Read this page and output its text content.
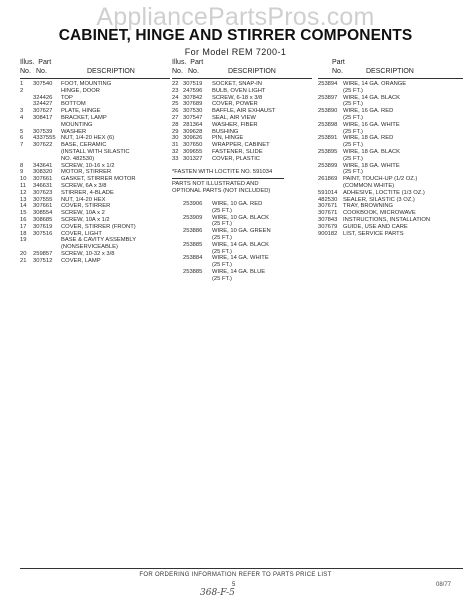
AppliancePartsPros.com
CABINET, HINGE AND STIRRER COMPONENTS
For Model REM 7200-1
Illus. Part
No. No.	DESCRIPTION
1	307540	FOOT, MOUNTING
2	HINGE, DOOR
324426	TOP
324427	BOTTOM
3	307627	PLATE, HINGE
4	308417	BRACKET, LAMP
MOUNTING
5	307539	WASHER
6	4337555 NUT, 1/4-20 HEX (6)
7	307622	BASE, CERAMIC
(INSTALL WITH SILASTIC
NO. 482530)
8	343641	SCREW, 10-16 x 1/2
9	308320	MOTOR, STIRRER
10	307661	GASKET, STIRRER MOTOR
11	346631	SCREW, 6A x 3/8
12	307623	STIRRER, 4-BLADE
13	307555	NUT, 1/4-20 HEX
14	307661	COVER, STIRRER
15	308554	SCREW, 10A x 2
16	308685	SCREW, 10A x 1/2
17	307619	COVER, STIRRER (FRONT)
18	307516	COVER, LIGHT
19	BASE & CAVITY ASSEMBLY
(NONSERVICEABLE)
20	259857	SCREW, 10-32 x 3/8
21	307512	COVER, LAMP
Illus. Part
No. No.	DESCRIPTION
22 307519	SOCKET, SNAP-IN
23 247596	BULB, OVEN LIGHT
24 307842	SCREW, 6-18 x 3/8
25 307689	COVER, POWER
26 307530	BAFFLE, AIR EXHAUST
27 307547	SEAL, AIR VIEW
28 281364	WASHER, FIBER
29 309628	BUSHING
30 309626	PIN, HINGE
31 307650	WRAPPER, CABINET
32 309655	FASTENER, SLIDE
33 301327	COVER, PLASTIC
*FASTEN WITH LOCTITE NO. 591034
PARTS NOT ILLUSTRATED AND
OPTIONAL PARTS (NOT INCLUDED)
253906	WIRE, 10 GA. RED
(25 FT.)
253909	WIRE, 10 GA. BLACK
(25 FT.)
253886	WIRE, 10 GA. GREEN
(25 FT.)
253885	WIRE, 14 GA. BLACK
(25 FT.)
253884	WIRE, 14 GA. WHITE
(25 FT.)
253885	WIRE, 14 GA. BLUE
(25 FT.)
Part
No.	DESCRIPTION
253894 WIRE, 14 GA. ORANGE
(25 FT.)
253897 WIRE, 14 GA. BLACK
(25 FT.)
253890 WIRE, 16 GA. RED
(25 FT.)
253898 WIRE, 16 GA. WHITE
(25 FT.)
253891 WIRE, 18 GA. RED
(25 FT.)
253895 WIRE, 18 GA. BLACK
(25 FT.)
253899 WIRE, 18 GA. WHITE
(25 FT.)
261869 PAINT, TOUCH-UP (1/2 OZ.)
(COMMON WHITE)
591014 ADHESIVE, LOCTITE (1/3 OZ.)
482530 SEALER, SILASTIC (3 OZ.)
307671 TRAY, BROWNING
307671 COOKBOOK, MICROWAVE
307843 INSTRUCTIONS, INSTALLATION
307679 GUIDE, USE AND CARE
900182 LIST, SERVICE PARTS
FOR ORDERING INFORMATION REFER TO PARTS PRICE LIST
5	08/77
368-F-5
